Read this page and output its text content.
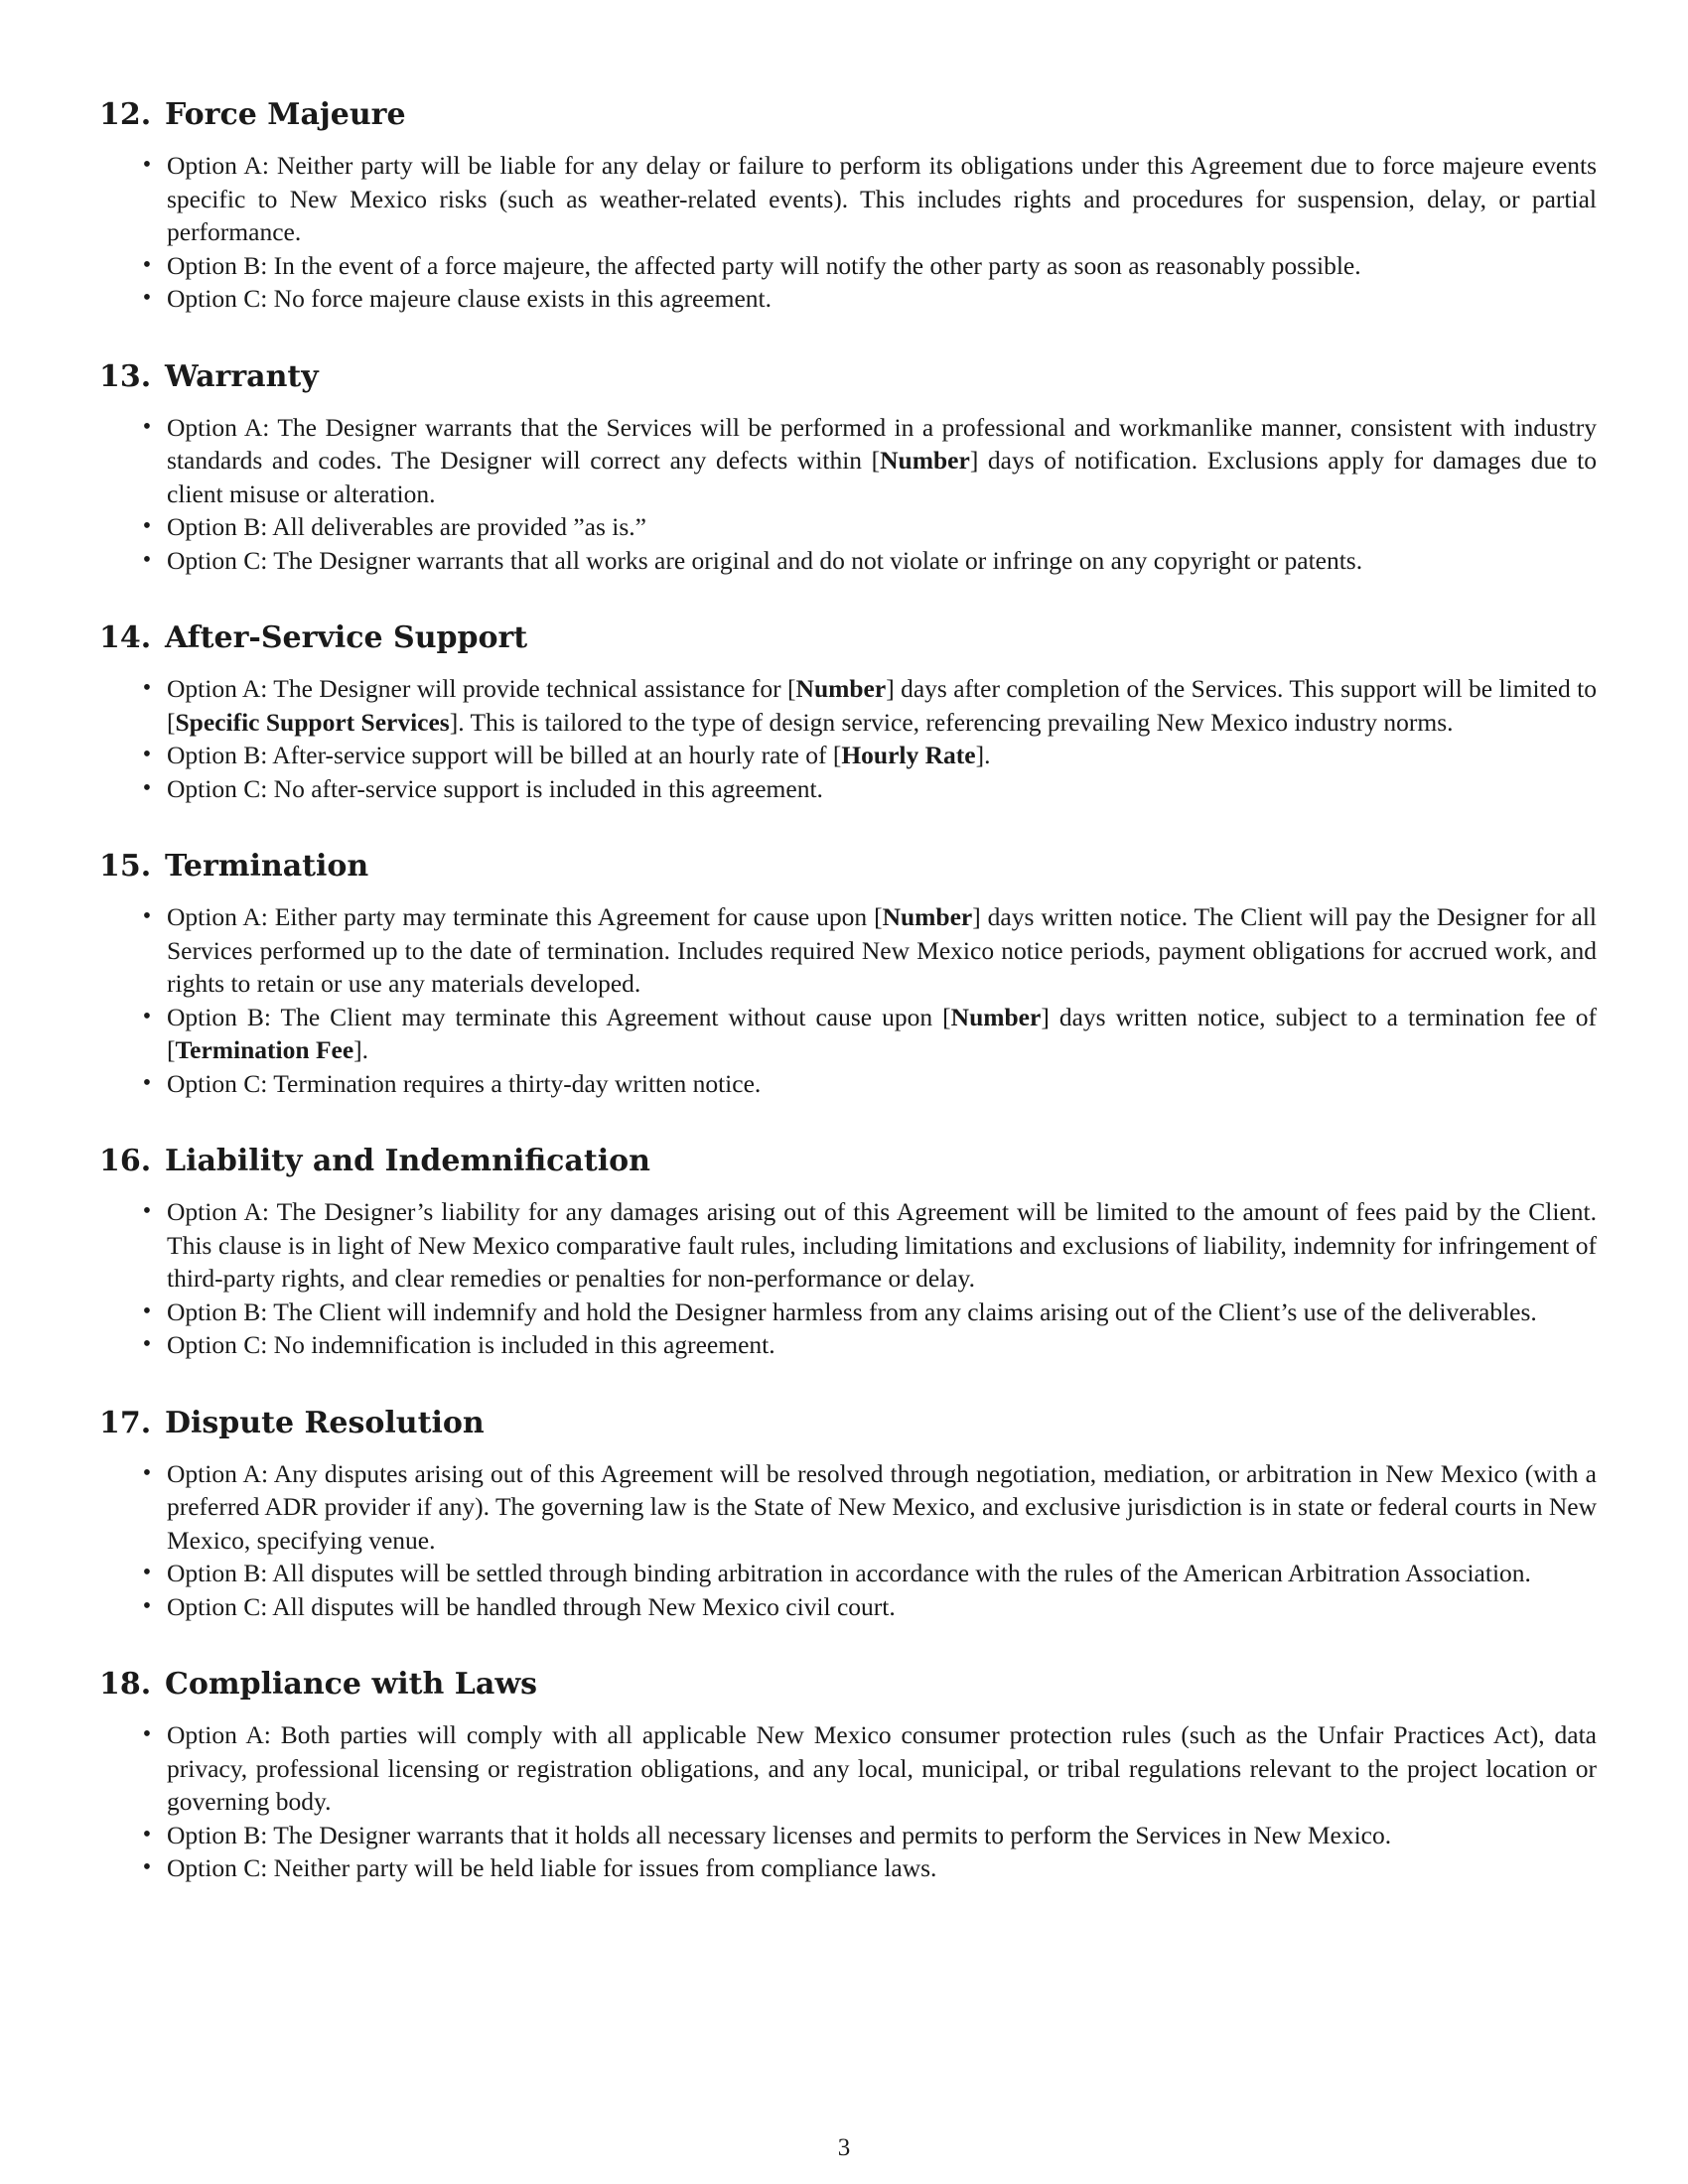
12. Force Majeure
• Option A: Neither party will be liable for any delay or failure to perform its obligations under this Agreement due to force majeure events specific to New Mexico risks (such as weather-related events). This includes rights and procedures for suspension, delay, or partial performance.
• Option B: In the event of a force majeure, the affected party will notify the other party as soon as reasonably possible.
• Option C: No force majeure clause exists in this agreement.
13. Warranty
• Option A: The Designer warrants that the Services will be performed in a professional and workmanlike manner, consistent with industry standards and codes. The Designer will correct any defects within [Number] days of notification. Exclusions apply for damages due to client misuse or alteration.
• Option B: All deliverables are provided ”as is.”
• Option C: The Designer warrants that all works are original and do not violate or infringe on any copyright or patents.
14. After-Service Support
• Option A: The Designer will provide technical assistance for [Number] days after completion of the Services. This support will be limited to [Specific Support Services]. This is tailored to the type of design service, referencing prevailing New Mexico industry norms.
• Option B: After-service support will be billed at an hourly rate of [Hourly Rate].
• Option C: No after-service support is included in this agreement.
15. Termination
• Option A: Either party may terminate this Agreement for cause upon [Number] days written notice. The Client will pay the Designer for all Services performed up to the date of termination. Includes required New Mexico notice periods, payment obligations for accrued work, and rights to retain or use any materials developed.
• Option B: The Client may terminate this Agreement without cause upon [Number] days written notice, subject to a termination fee of [Termination Fee].
• Option C: Termination requires a thirty-day written notice.
16. Liability and Indemnification
• Option A: The Designer’s liability for any damages arising out of this Agreement will be limited to the amount of fees paid by the Client. This clause is in light of New Mexico comparative fault rules, including limitations and exclusions of liability, indemnity for infringement of third-party rights, and clear remedies or penalties for non-performance or delay.
• Option B: The Client will indemnify and hold the Designer harmless from any claims arising out of the Client’s use of the deliverables.
• Option C: No indemnification is included in this agreement.
17. Dispute Resolution
• Option A: Any disputes arising out of this Agreement will be resolved through negotiation, mediation, or arbitration in New Mexico (with a preferred ADR provider if any). The governing law is the State of New Mexico, and exclusive jurisdiction is in state or federal courts in New Mexico, specifying venue.
• Option B: All disputes will be settled through binding arbitration in accordance with the rules of the American Arbitration Association.
• Option C: All disputes will be handled through New Mexico civil court.
18. Compliance with Laws
• Option A: Both parties will comply with all applicable New Mexico consumer protection rules (such as the Unfair Practices Act), data privacy, professional licensing or registration obligations, and any local, municipal, or tribal regulations relevant to the project location or governing body.
• Option B: The Designer warrants that it holds all necessary licenses and permits to perform the Services in New Mexico.
• Option C: Neither party will be held liable for issues from compliance laws.
3
